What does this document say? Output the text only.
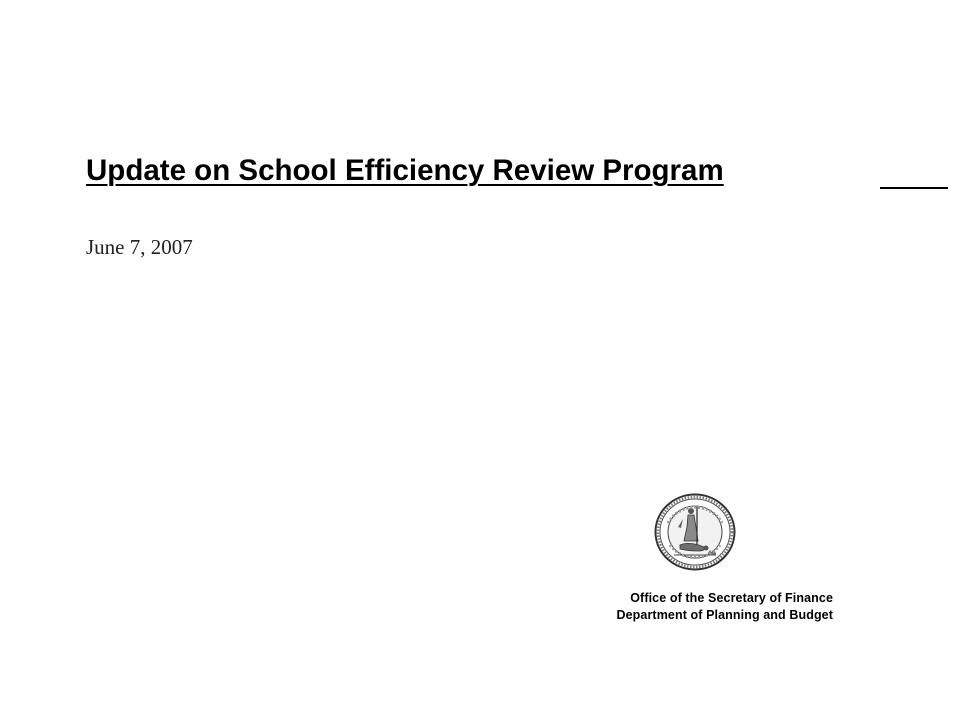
Update on School Efficiency Review Program
June 7, 2007
Office of the Secretary of Finance
Department of Planning and Budget
